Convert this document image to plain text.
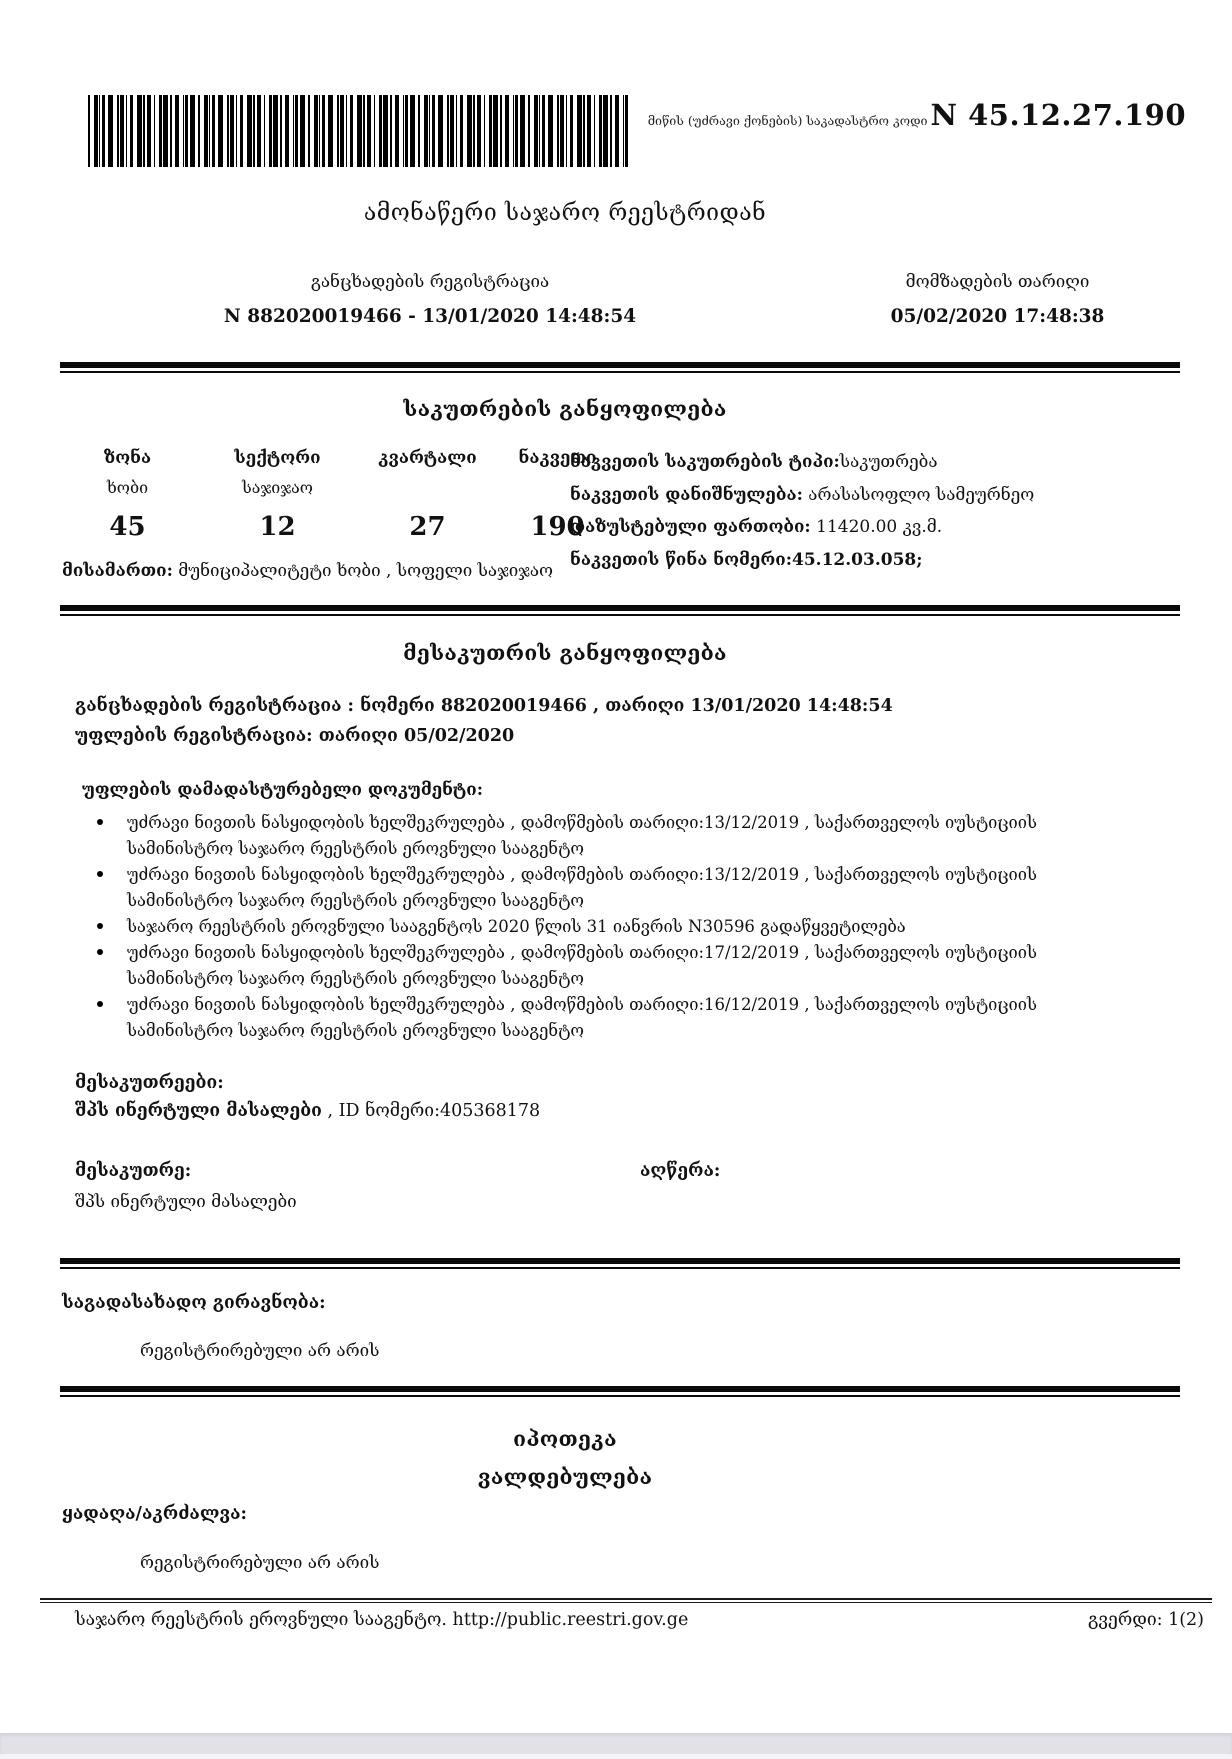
მიწის (უძრავი ქონების) საკადასტრო კოდი N 45.12.27.190
ამონაწერი საჯარო რეესტრიდან
განცხადების რეგისტრაცია
N 882020019466 - 13/01/2020 14:48:54
მომზადების თარიღი
05/02/2020 17:48:38
საკუთრების განყოფილება
ზონა	სექტორი	კვარტალი	ნაკვეთი
ხობი	საჯიჯაო
45	12	27	190
ნაკვეთის საკუთრების ტიპი:საკუთრება
ნაკვეთის დანიშნულება: არასასოფლო სამეურნეო
დაზუსტებული ფართობი: 11420.00 კვ.მ.
ნაკვეთის წინა ნომერი:45.12.03.058;
მისამართი: მუნიციპალიტეტი ხობი , სოფელი საჯიჯაო
მესაკუთრის განყოფილება
განცხადების რეგისტრაცია : ნომერი 882020019466 , თარიღი 13/01/2020 14:48:54
უფლების რეგისტრაცია: თარიღი 05/02/2020
უფლების დამადასტურებელი დოკუმენტი:
უძრავი ნივთის ნასყიდობის ხელშეკრულება , დამოწმების თარიღი:13/12/2019 , საქართველოს იუსტიციის სამინისტრო საჯარო რეესტრის ეროვნული სააგენტო
უძრავი ნივთის ნასყიდობის ხელშეკრულება , დამოწმების თარიღი:13/12/2019 , საქართველოს იუსტიციის სამინისტრო საჯარო რეესტრის ეროვნული სააგენტო
საჯარო რეესტრის ეროვნული სააგენტოს 2020 წლის 31 იანვრის N30596 გადაწყვეტილება
უძრავი ნივთის ნასყიდობის ხელშეკრულება , დამოწმების თარიღი:17/12/2019 , საქართველოს იუსტიციის სამინისტრო საჯარო რეესტრის ეროვნული სააგენტო
უძრავი ნივთის ნასყიდობის ხელშეკრულება , დამოწმების თარიღი:16/12/2019 , საქართველოს იუსტიციის სამინისტრო საჯარო რეესტრის ეროვნული სააგენტო
მესაკუთრეები:
შპს ინერტული მასალები , ID ნომერი:405368178
მესაკუთრე:	აღწერა:
შპს ინერტული მასალები
საგადასახადო გირავნობა:
რეგისტრირებული არ არის
იპოთეკა
ვალდებულება
ყადაღა/აკრძალვა:
რეგისტრირებული არ არის
საჯარო რეესტრის ეროვნული სააგენტო. http://public.reestri.gov.ge	გვერდი: 1(2)
